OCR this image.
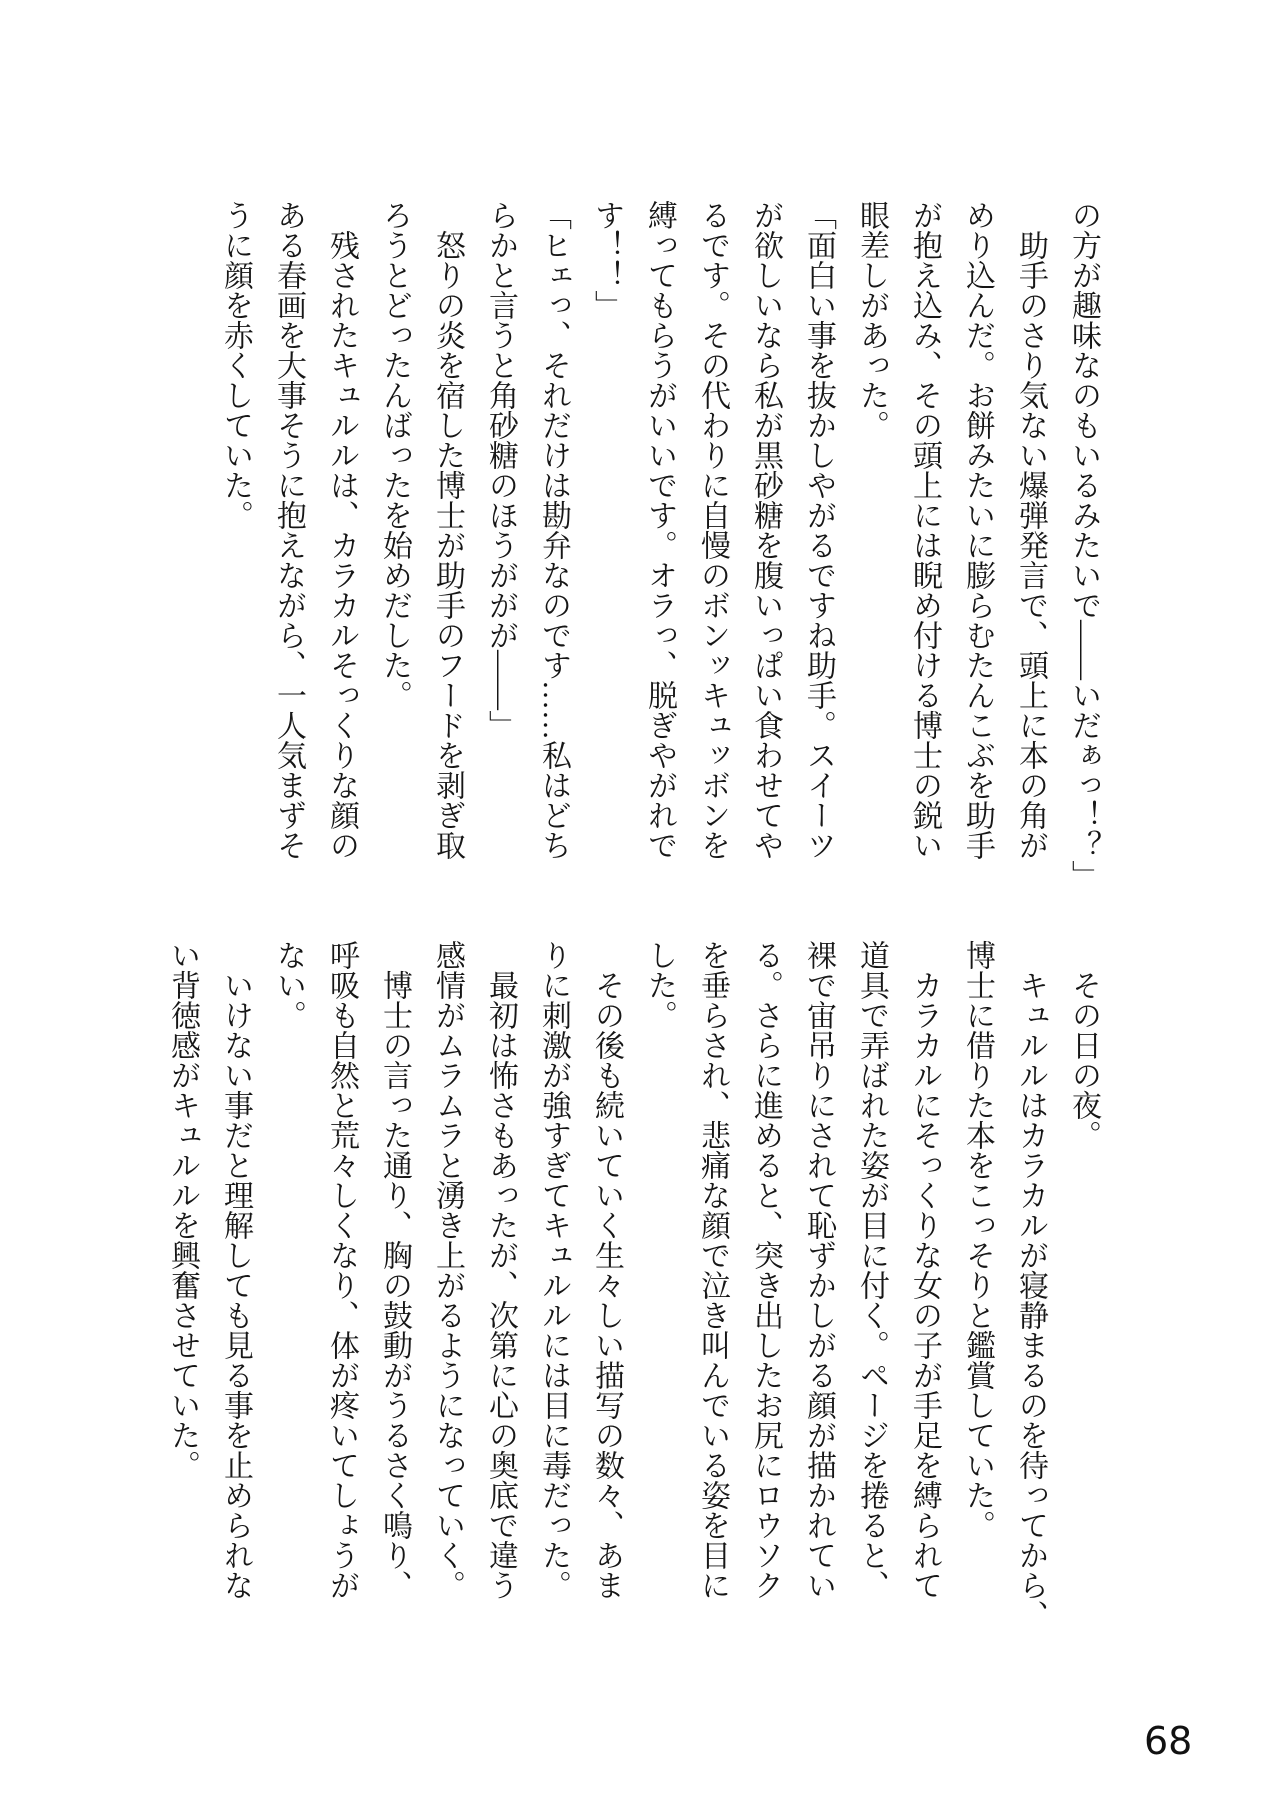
の方が趣味なのもいるみたいで――いだぁっ！？」

　助手のさり気ない爆弾発言で、頭上に本の角が

めり込んだ。お餅みたいに膨らむたんこぶを助手

が抱え込み、その頭上には睨め付ける博士の鋭い

眼差しがあった。

「面白い事を抜かしやがるですね助手。スイーツ

が欲しいなら私が黒砂糖を腹いっぱい食わせてや

るです。その代わりに自慢のボンッキュッボンを

縛ってもらうがいいです。オラっ、脱ぎやがれで

す！！」

「ヒェっ、それだけは勘弁なのです……私はどち

らかと言うと角砂糖のほうががが――」

　怒りの炎を宿した博士が助手のフードを剥ぎ取

ろうとどったんばったを始めだした。

　残されたキュルルは、カラカルそっくりな顔の

ある春画を大事そうに抱えながら、一人気まずそ

うに顔を赤くしていた。

　その日の夜。

　キュルルはカラカルが寝静まるのを待ってから、

博士に借りた本をこっそりと鑑賞していた。

　カラカルにそっくりな女の子が手足を縛られて

道具で弄ばれた姿が目に付く。ページを捲ると、

裸で宙吊りにされて恥ずかしがる顔が描かれてい

る。さらに進めると、突き出したお尻にロウソク

を垂らされ、悲痛な顔で泣き叫んでいる姿を目に

した。

　その後も続いていく生々しい描写の数々、あま

りに刺激が強すぎてキュルルには目に毒だった。

　最初は怖さもあったが、次第に心の奥底で違う

感情がムラムラと湧き上がるようになっていく。

　博士の言った通り、胸の鼓動がうるさく鳴り、

呼吸も自然と荒々しくなり、体が疼いてしょうが

ない。

　いけない事だと理解しても見る事を止められな

い背徳感がキュルルを興奮させていた。

68
